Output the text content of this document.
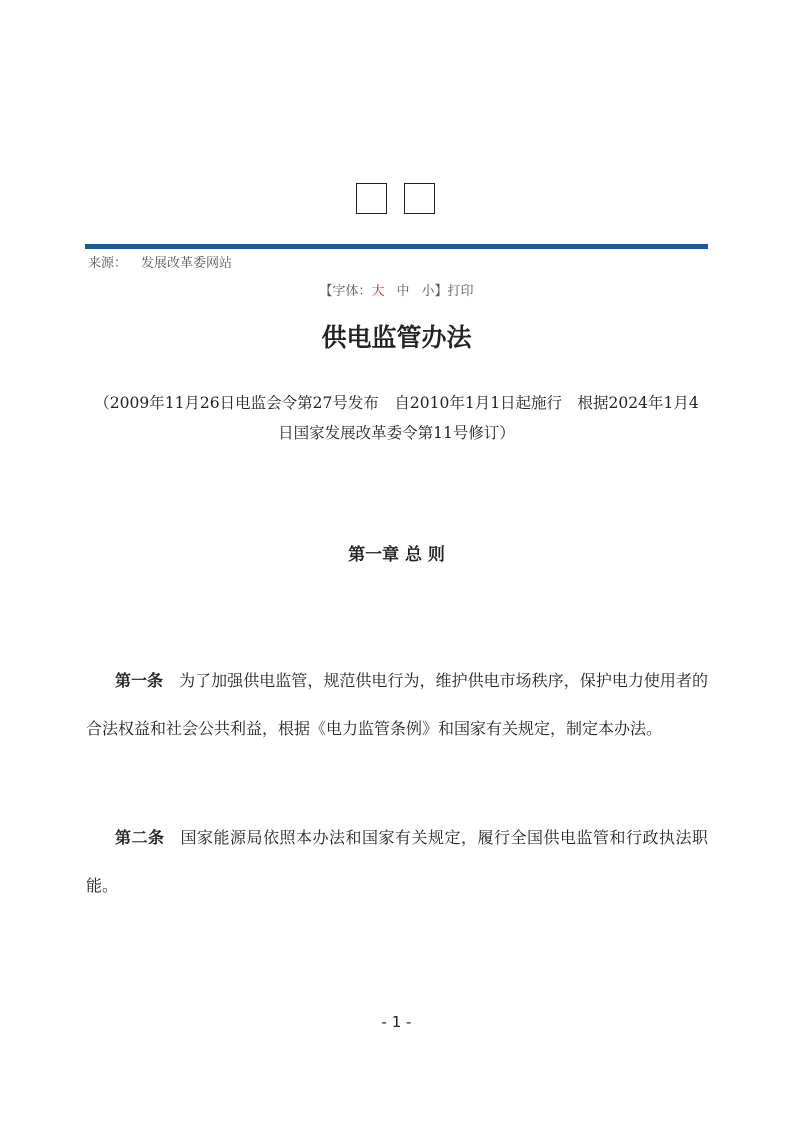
来源： 发展改革委网站
【字体：大 中 小】打印
供电监管办法
（2009年11月26日电监会令第27号发布　自2010年1月1日起施行　根据2024年1月4日国家发展改革委令第11号修订）
第一章 总 则
第一条 为了加强供电监管，规范供电行为，维护供电市场秩序，保护电力使用者的合法权益和社会公共利益，根据《电力监管条例》和国家有关规定，制定本办法。
第二条 国家能源局依照本办法和国家有关规定，履行全国供电监管和行政执法职能。
- 1 -
